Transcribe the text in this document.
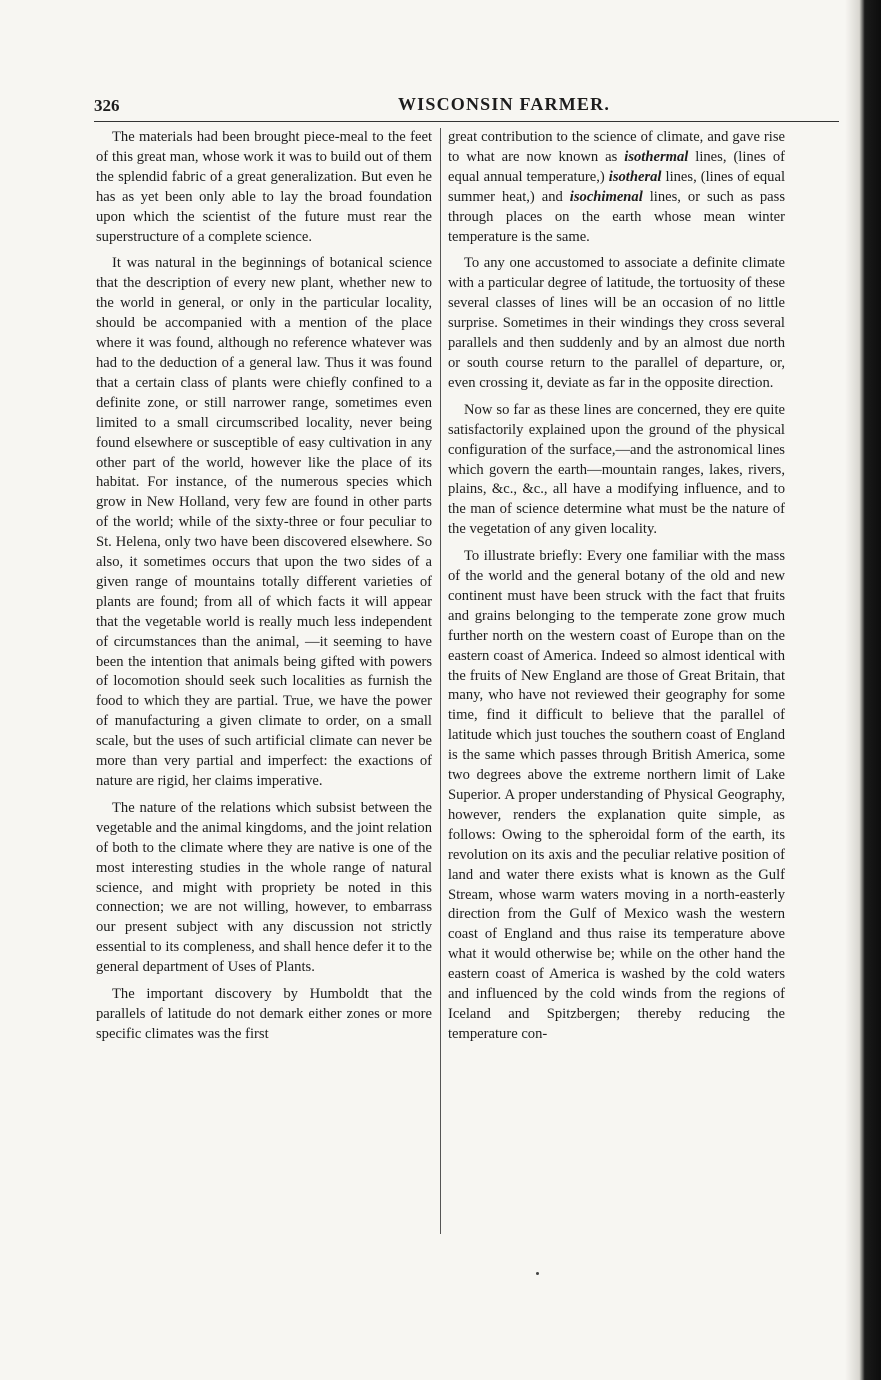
326	WISCONSIN FARMER.

The materials had been brought piece-meal to the feet of this great man, whose work it was to build out of them the splendid fabric of a great generalization. But even he has as yet been only able to lay the broad foundation upon which the scientist of the future must rear the superstructure of a complete science.

It was natural in the beginnings of botanical science that the description of every new plant, whether new to the world in general, or only in the particular locality, should be accompanied with a mention of the place where it was found, although no reference whatever was had to the deduction of a general law. Thus it was found that a certain class of plants were chiefly confined to a definite zone, or still narrower range, sometimes even limited to a small circumscribed locality, never being found elsewhere or susceptible of easy cultivation in any other part of the world, however like the place of its habitat. For instance, of the numerous species which grow in New Holland, very few are found in other parts of the world; while of the sixty-three or four peculiar to St. Helena, only two have been discovered elsewhere. So also, it sometimes occurs that upon the two sides of a given range of mountains totally different varieties of plants are found; from all of which facts it will appear that the vegetable world is really much less independent of circumstances than the animal, —it seeming to have been the intention that animals being gifted with powers of locomotion should seek such localities as furnish the food to which they are partial. True, we have the power of manufacturing a given climate to order, on a small scale, but the uses of such artificial climate can never be more than very partial and imperfect: the exactions of nature are rigid, her claims imperative.

The nature of the relations which subsist between the vegetable and the animal kingdoms, and the joint relation of both to the climate where they are native is one of the most interesting studies in the whole range of natural science, and might with propriety be noted in this connection; we are not willing, however, to embarrass our present subject with any discussion not strictly essential to its compleness, and shall hence defer it to the general department of Uses of Plants.

The important discovery by Humboldt that the parallels of latitude do not demark either zones or more specific climates was the first

great contribution to the science of climate, and gave rise to what are now known as isothermal lines, (lines of equal annual temperature,) isotheral lines, (lines of equal summer heat,) and isochimenal lines, or such as pass through places on the earth whose mean winter temperature is the same.

To any one accustomed to associate a definite climate with a particular degree of latitude, the tortuosity of these several classes of lines will be an occasion of no little surprise. Sometimes in their windings they cross several parallels and then suddenly and by an almost due north or south course return to the parallel of departure, or, even crossing it, deviate as far in the opposite direction.

Now so far as these lines are concerned, they ere quite satisfactorily explained upon the ground of the physical configuration of the surface,—and the astronomical lines which govern the earth—mountain ranges, lakes, rivers, plains, &c., &c., all have a modifying influence, and to the man of science determine what must be the nature of the vegetation of any given locality.

To illustrate briefly: Every one familiar with the mass of the world and the general botany of the old and new continent must have been struck with the fact that fruits and grains belonging to the temperate zone grow much further north on the western coast of Europe than on the eastern coast of America. Indeed so almost identical with the fruits of New England are those of Great Britain, that many, who have not reviewed their geography for some time, find it difficult to believe that the parallel of latitude which just touches the southern coast of England is the same which passes through British America, some two degrees above the extreme northern limit of Lake Superior. A proper understanding of Physical Geography, however, renders the explanation quite simple, as follows: Owing to the spheroidal form of the earth, its revolution on its axis and the peculiar relative position of land and water there exists what is known as the Gulf Stream, whose warm waters moving in a north-easterly direction from the Gulf of Mexico wash the western coast of England and thus raise its temperature above what it would otherwise be; while on the other hand the eastern coast of America is washed by the cold waters and influenced by the cold winds from the regions of Iceland and Spitzbergen; thereby reducing the temperature con-
